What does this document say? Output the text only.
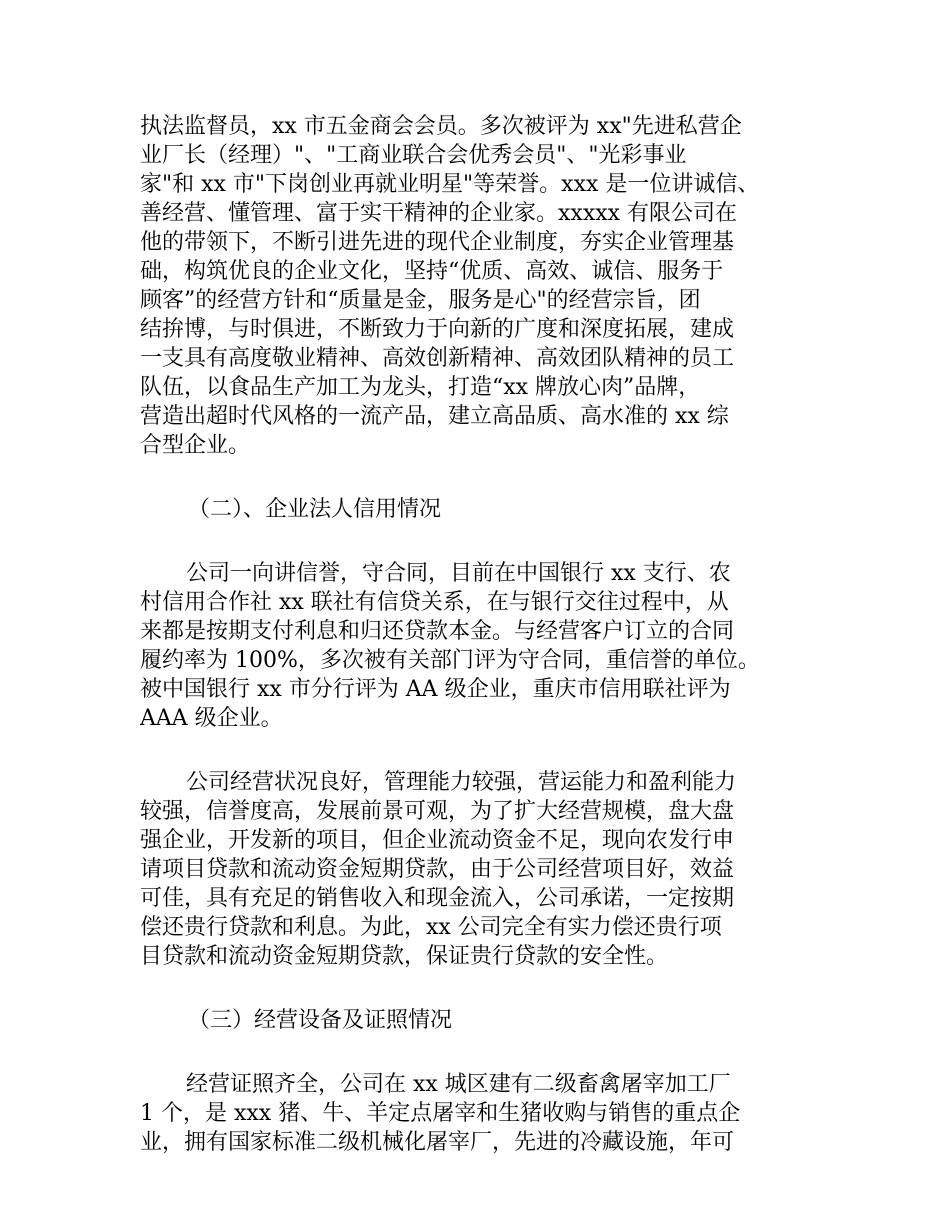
执法监督员，xx 市五金商会会员。多次被评为 xx"先进私营企
业厂长（经理）"、"工商业联合会优秀会员"、"光彩事业
家"和 xx 市"下岗创业再就业明星"等荣誉。xxx 是一位讲诚信、
善经营、懂管理、富于实干精神的企业家。xxxxx 有限公司在
他的带领下，不断引进先进的现代企业制度，夯实企业管理基
础，构筑优良的企业文化，坚持“优质、高效、诚信、服务于
顾客”的经营方针和“质量是金，服务是心"的经营宗旨，团
结拚博，与时俱进，不断致力于向新的广度和深度拓展，建成
一支具有高度敬业精神、高效创新精神、高效团队精神的员工
队伍，以食品生产加工为龙头，打造“xx 牌放心肉”品牌，
营造出超时代风格的一流产品，建立高品质、高水准的 xx 综
合型企业。
（二）、企业法人信用情况
公司一向讲信誉，守合同，目前在中国银行 xx 支行、农
村信用合作社 xx 联社有信贷关系，在与银行交往过程中，从
来都是按期支付利息和归还贷款本金。与经营客户订立的合同
履约率为 100%，多次被有关部门评为守合同，重信誉的单位。
被中国银行 xx 市分行评为 AA 级企业，重庆市信用联社评为
AAA 级企业。
公司经营状况良好，管理能力较强，营运能力和盈利能力
较强，信誉度高，发展前景可观，为了扩大经营规模，盘大盘
强企业，开发新的项目，但企业流动资金不足，现向农发行申
请项目贷款和流动资金短期贷款，由于公司经营项目好，效益
可佳，具有充足的销售收入和现金流入，公司承诺，一定按期
偿还贵行贷款和利息。为此，xx 公司完全有实力偿还贵行项
目贷款和流动资金短期贷款，保证贵行贷款的安全性。
（三）经营设备及证照情况
经营证照齐全，公司在 xx 城区建有二级畜禽屠宰加工厂
1 个，是 xxx 猪、牛、羊定点屠宰和生猪收购与销售的重点企
业，拥有国家标准二级机械化屠宰厂，先进的冷藏设施，年可
